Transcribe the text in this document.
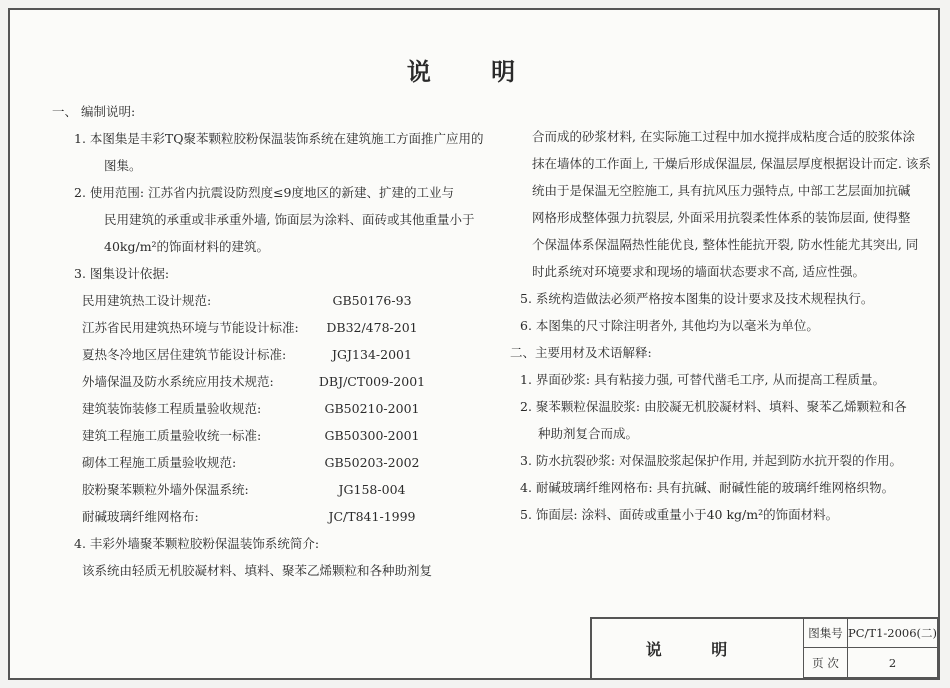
说 明
一、 编制说明:
1. 本图集是丰彩TQ聚苯颗粒胶粉保温装饰系统在建筑施工方面推广应用的
图集。
2. 使用范围: 江苏省内抗震设防烈度≤9度地区的新建、扩建的工业与
民用建筑的承重或非承重外墙, 饰面层为涂料、面砖或其他重量小于
40kg/m²的饰面材料的建筑。
3. 图集设计依据:
民用建筑热工设计规范:	GB50176-93
江苏省民用建筑热环境与节能设计标准:	DB32/478-201
夏热冬冷地区居住建筑节能设计标准:	JGJ134-2001
外墙保温及防水系统应用技术规范:	DBJ/CT009-2001
建筑装饰装修工程质量验收规范:	GB50210-2001
建筑工程施工质量验收统一标准:	GB50300-2001
砌体工程施工质量验收规范:	GB50203-2002
胶粉聚苯颗粒外墙外保温系统:	JG158-004
耐碱玻璃纤维网格布:	JC/T841-1999
4. 丰彩外墙聚苯颗粒胶粉保温装饰系统简介:
该系统由轻质无机胶凝材料、填料、聚苯乙烯颗粒和各种助剂复
合而成的砂浆材料, 在实际施工过程中加水搅拌成粘度合适的胶浆体涂
抹在墙体的工作面上, 干燥后形成保温层, 保温层厚度根据设计而定. 该系
统由于是保温无空腔施工, 具有抗风压力强特点, 中部工艺层面加抗碱
网格形成整体强力抗裂层, 外面采用抗裂柔性体系的装饰层面, 使得整
个保温体系保温隔热性能优良, 整体性能抗开裂, 防水性能尤其突出, 同
时此系统对环境要求和现场的墙面状态要求不高, 适应性强。
5. 系统构造做法必须严格按本图集的设计要求及技术规程执行。
6. 本图集的尺寸除注明者外, 其他均为以毫米为单位。
二、主要用材及术语解释:
1. 界面砂浆: 具有粘接力强, 可替代凿毛工序, 从而提高工程质量。
2. 聚苯颗粒保温胶浆: 由胶凝无机胶凝材料、填料、聚苯乙烯颗粒和各
种助剂复合而成。
3. 防水抗裂砂浆: 对保温胶浆起保护作用, 并起到防水抗开裂的作用。
4. 耐碱玻璃纤维网格布: 具有抗碱、耐碱性能的玻璃纤维网格织物。
5. 饰面层: 涂料、面砖或重量小于40 kg/m²的饰面材料。
说 明
图集号 PC/T1-2006(二)
页 次	2
